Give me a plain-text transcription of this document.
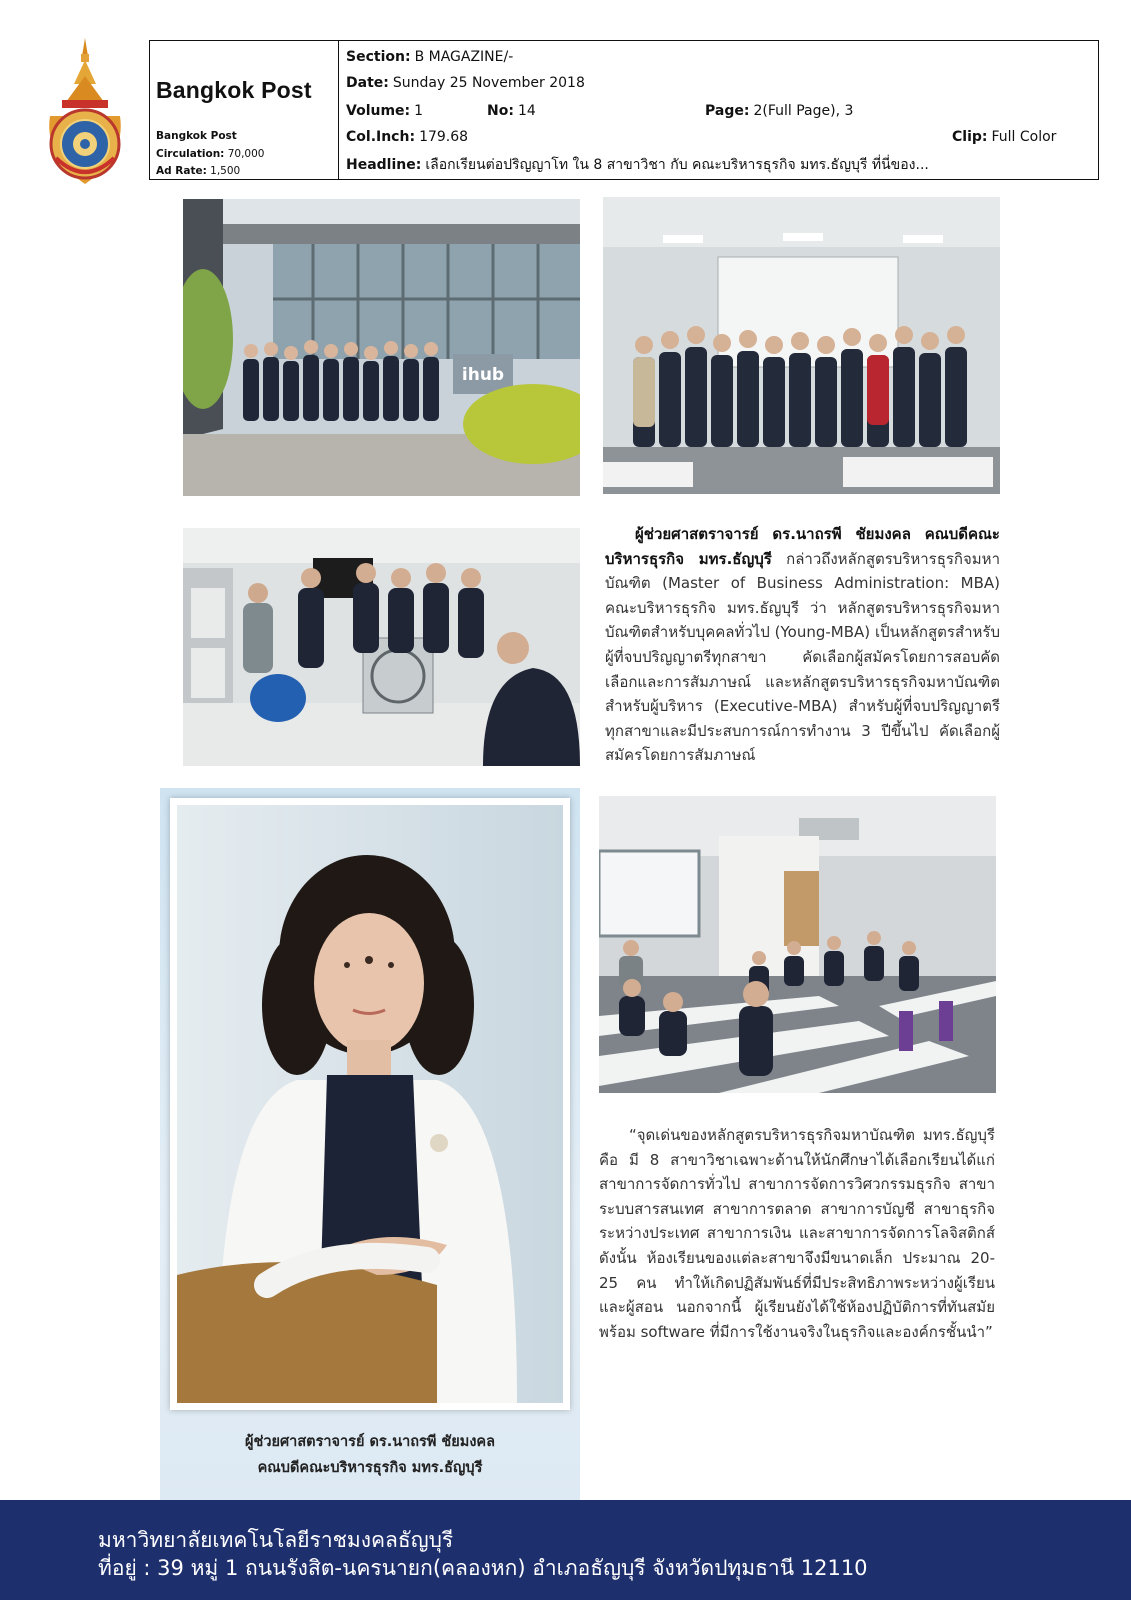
Bangkok Post
Bangkok Post
Circulation: 70,000
Ad Rate: 1,500
Section: B MAGAZINE/-
Date: Sunday 25 November 2018
Volume: 1	No: 14	Page: 2(Full Page), 3
Col.Inch: 179.68	Clip: Full Color
Headline: เลือกเรียนต่อปริญญาโท ใน 8 สาขาวิชา กับ คณะบริหารธุรกิจ มทร.ธัญบุรี ที่นี่ของ...
ihub
ผู้ช่วยศาสตราจารย์ ดร.นาถรพี ชัยมงคล คณบดีคณะบริหารธุรกิจ มทร.ธัญบุรี กล่าวถึงหลักสูตรบริหารธุรกิจมหาบัณฑิต (Master of Business Administration: MBA) คณะบริหารธุรกิจ มทร.ธัญบุรี ว่า หลักสูตรบริหารธุรกิจมหาบัณฑิตสำหรับบุคคลทั่วไป (Young-MBA) เป็นหลักสูตรสำหรับผู้ที่จบปริญญาตรีทุกสาขา คัดเลือกผู้สมัครโดยการสอบคัดเลือกและการสัมภาษณ์ และหลักสูตรบริหารธุรกิจมหาบัณฑิตสำหรับผู้บริหาร (Executive-MBA) สำหรับผู้ที่จบปริญญาตรีทุกสาขาและมีประสบการณ์การทำงาน 3 ปีขึ้นไป คัดเลือกผู้สมัครโดยการสัมภาษณ์
ผู้ช่วยศาสตราจารย์ ดร.นาถรพี ชัยมงคล
คณบดีคณะบริหารธุรกิจ มทร.ธัญบุรี
“จุดเด่นของหลักสูตรบริหารธุรกิจมหาบัณฑิต มทร.ธัญบุรี คือ มี 8 สาขาวิชาเฉพาะด้านให้นักศึกษาได้เลือกเรียนได้แก่ สาขาการจัดการทั่วไป สาขาการจัดการวิศวกรรมธุรกิจ สาขาระบบสารสนเทศ สาขาการตลาด สาขาการบัญชี สาขาธุรกิจระหว่างประเทศ สาขาการเงิน และสาขาการจัดการโลจิสติกส์ ดังนั้น ห้องเรียนของแต่ละสาขาจึงมีขนาดเล็ก ประมาณ 20-25 คน ทำให้เกิดปฏิสัมพันธ์ที่มีประสิทธิภาพระหว่างผู้เรียนและผู้สอน นอกจากนี้ ผู้เรียนยังได้ใช้ห้องปฏิบัติการที่ทันสมัยพร้อม software ที่มีการใช้งานจริงในธุรกิจและองค์กรชั้นนำ”
มหาวิทยาลัยเทคโนโลยีราชมงคลธัญบุรี
ที่อยู่ : 39 หมู่ 1 ถนนรังสิต-นครนายก(คลองหก) อำเภอธัญบุรี จังหวัดปทุมธานี 12110
